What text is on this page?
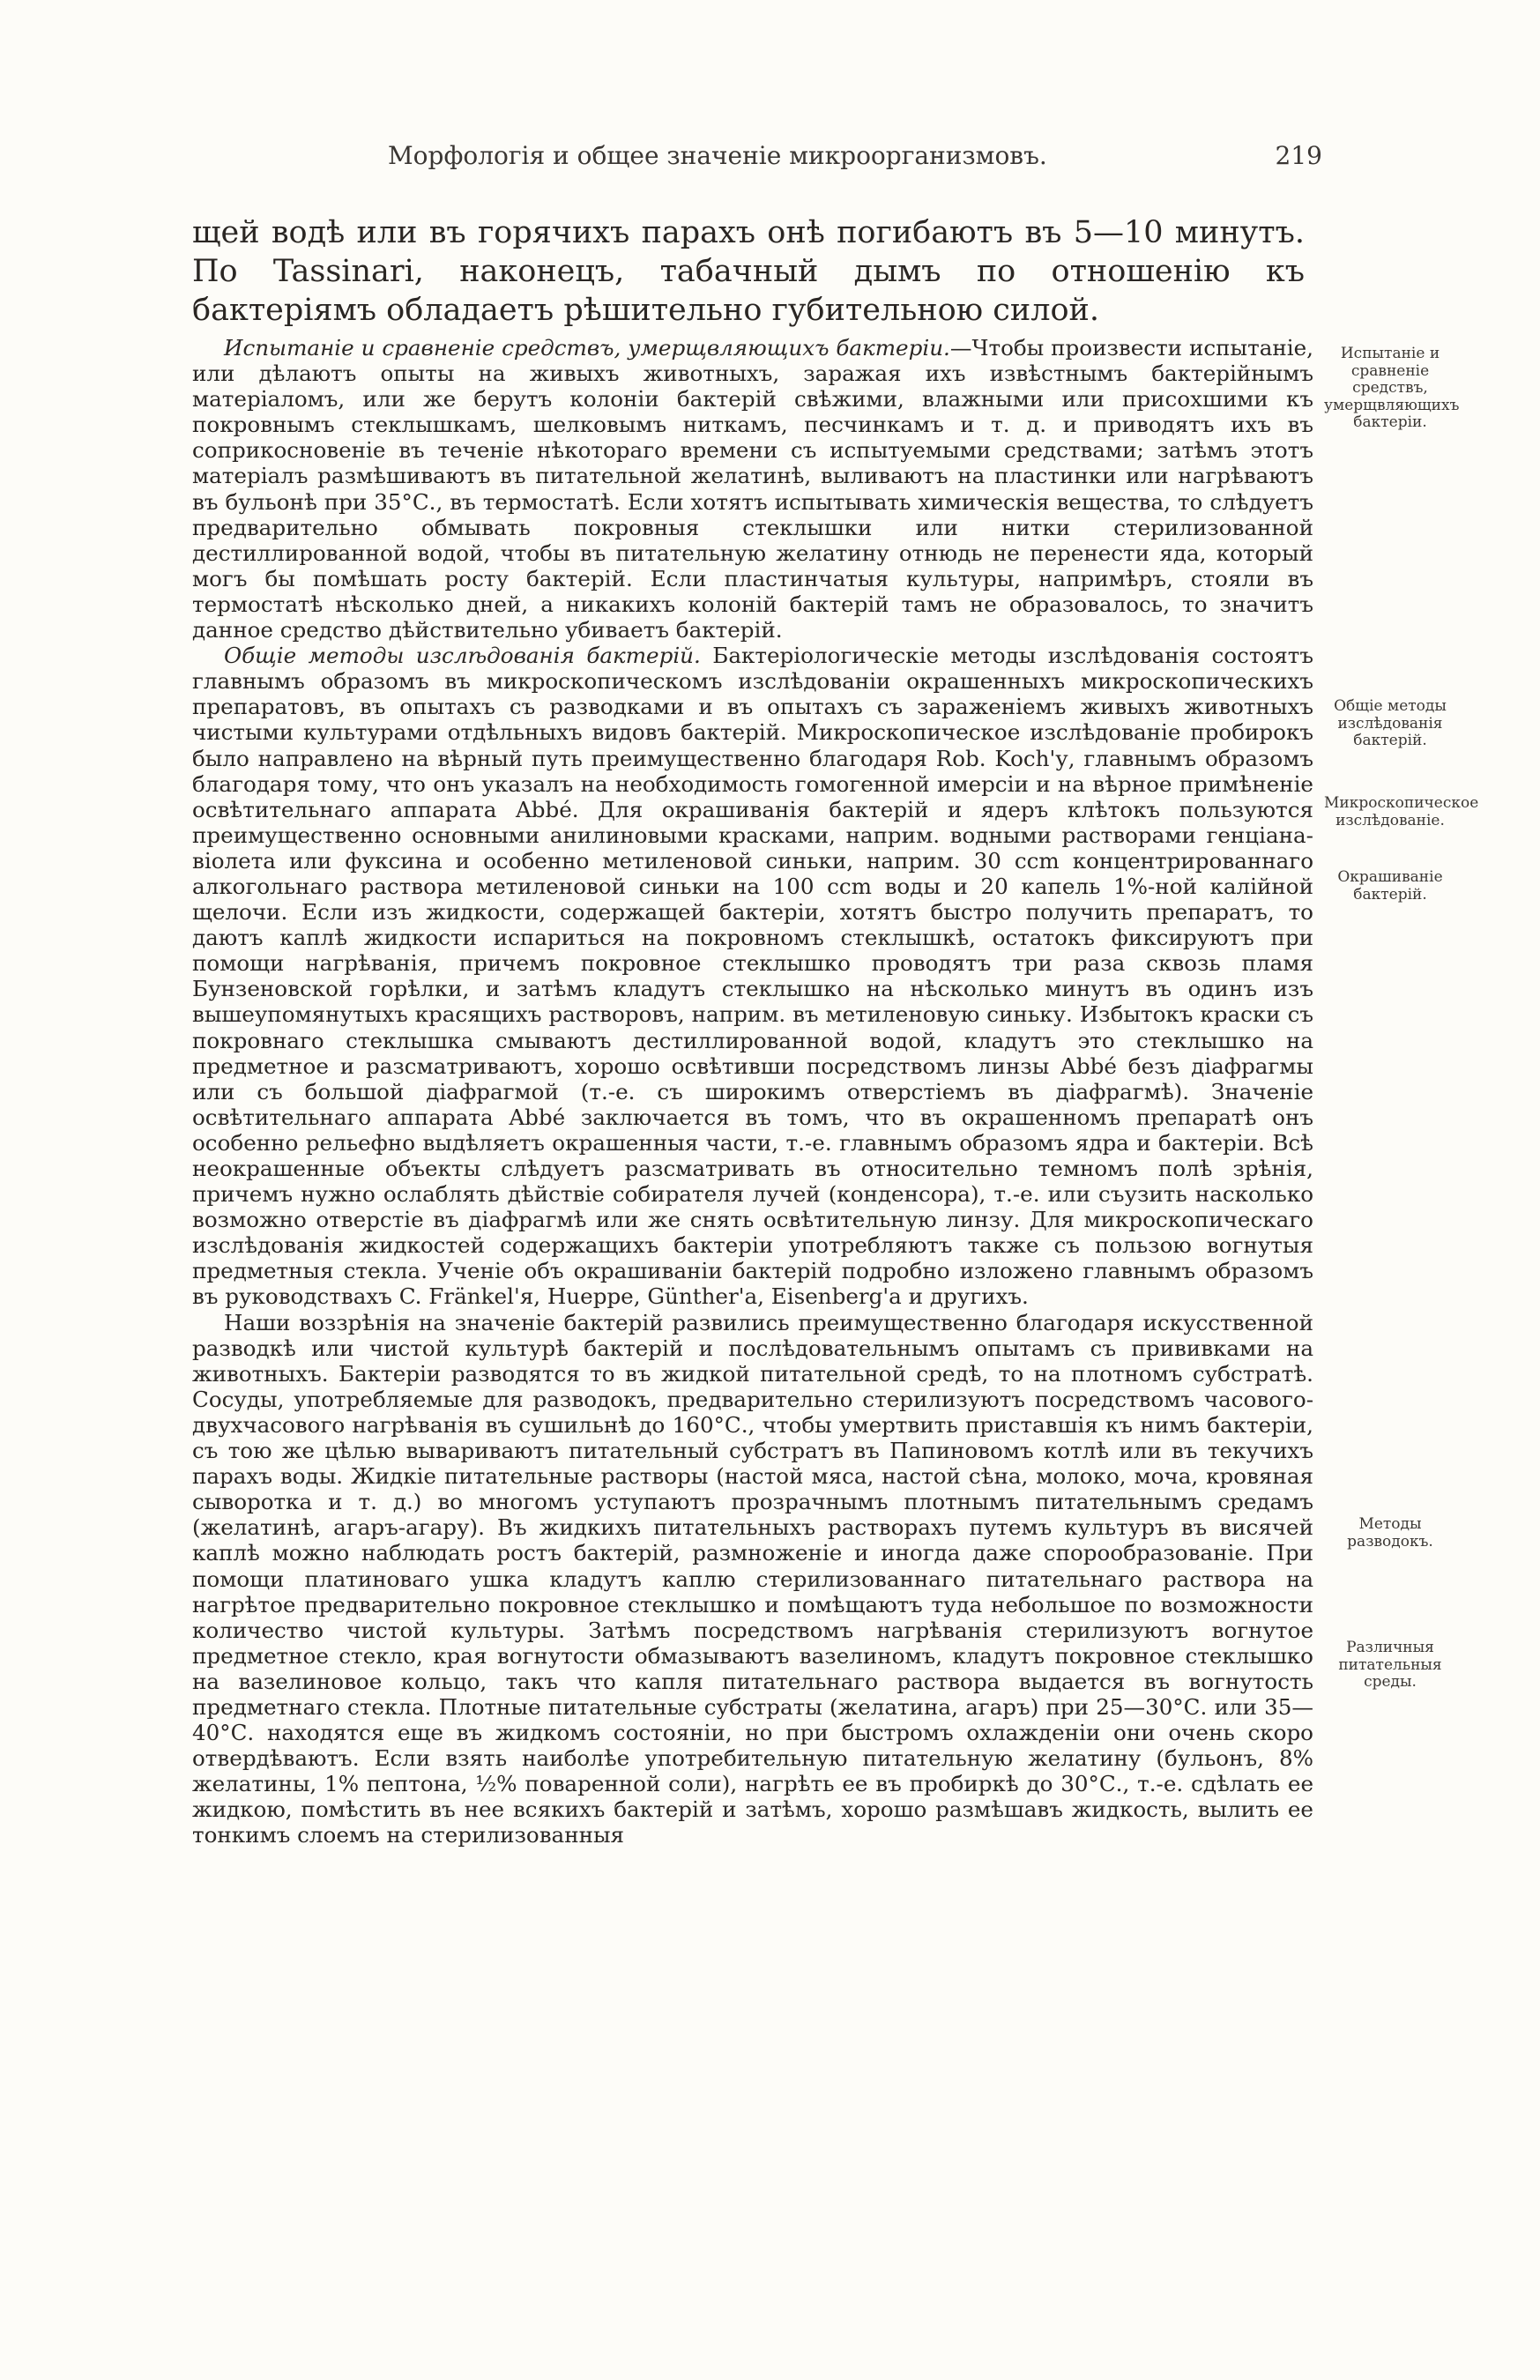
Морфологія и общее значеніе микроорганизмовъ.	219
щей водѣ или въ горячихъ парахъ онѣ погибаютъ въ 5—10 минутъ. По Tassinari, наконецъ, табачный дымъ по отношенію къ бактеріямъ обладаетъ рѣшительно губительною силой.

Испытаніе и сравненіе средствъ, умерщвляющихъ бактеріи.—Чтобы произвести испытаніе, или дѣлаютъ опыты на живыхъ животныхъ, заражая ихъ извѣстнымъ бактерійнымъ матеріаломъ, или же берутъ колоніи бактерій свѣжими, влажными или присохшими къ покровнымъ стеклышкамъ, шелковымъ ниткамъ, песчинкамъ и т. д. и приводятъ ихъ въ соприкосновеніе въ теченіе нѣкотораго времени съ испытуемыми средствами; затѣмъ этотъ матеріалъ размѣшиваютъ въ питательной желатинѣ, выливаютъ на пластинки или нагрѣваютъ въ бульонѣ при 35°С., въ термостатѣ. Если хотятъ испытывать химическія вещества, то слѣдуетъ предварительно обмывать покровныя стеклышки или нитки стерилизованной дестиллированной водой, чтобы въ питательную желатину отнюдь не перенести яда, который могъ бы помѣшать росту бактерій. Если пластинчатыя культуры, напримѣръ, стояли въ термостатѣ нѣсколько дней, а никакихъ колоній бактерій тамъ не образовалось, то значитъ данное средство дѣйствительно убиваетъ бактерій.

Общіе методы изслѣдованія бактерій. Бактеріологическіе методы изслѣдованія состоятъ главнымъ образомъ въ микроскопическомъ изслѣдованіи окрашенныхъ микроскопическихъ препаратовъ, въ опытахъ съ разводками и въ опытахъ съ зараженіемъ живыхъ животныхъ чистыми культурами отдѣльныхъ видовъ бактерій. Микроскопическое изслѣдованіе пробирокъ было направлено на вѣрный путь преимущественно благодаря Rob. Koch'у, главнымъ образомъ благодаря тому, что онъ указалъ на необходимость гомогенной имерсіи и на вѣрное примѣненіе освѣтительнаго аппарата Abbé. Для окрашиванія бактерій и ядеръ клѣтокъ пользуются преимущественно основными анилиновыми красками, наприм. водными растворами генціана-віолета или фуксина и особенно метиленовой синьки, наприм. 30 ccm концентрированнаго алкогольнаго раствора метиленовой синьки на 100 ccm воды и 20 капель 1%-ной калійной щелочи. Если изъ жидкости, содержащей бактеріи, хотятъ быстро получить препаратъ, то даютъ каплѣ жидкости испариться на покровномъ стеклышкѣ, остатокъ фиксируютъ при помощи нагрѣванія, причемъ покровное стеклышко проводятъ три раза сквозь пламя Бунзеновской горѣлки, и затѣмъ кладутъ стеклышко на нѣсколько минутъ въ одинъ изъ вышеупомянутыхъ красящихъ растворовъ, наприм. въ метиленовую синьку. Избытокъ краски съ покровнаго стеклышка смываютъ дестиллированной водой, кладутъ это стеклышко на предметное и разсматриваютъ, хорошо освѣтивши посредствомъ линзы Abbé безъ діафрагмы или съ большой діафрагмой (т.-е. съ широкимъ отверстіемъ въ діафрагмѣ). Значеніе освѣтительнаго аппарата Abbé заключается въ томъ, что въ окрашенномъ препаратѣ онъ особенно рельефно выдѣляетъ окрашенныя части, т.-е. главнымъ образомъ ядра и бактеріи. Всѣ неокрашенные объекты слѣдуетъ разсматривать въ относительно темномъ полѣ зрѣнія, причемъ нужно ослаблять дѣйствіе собирателя лучей (конденсора), т.-е. или съузить насколько возможно отверстіе въ діафрагмѣ или же снять освѣтительную линзу. Для микроскопическаго изслѣдованія жидкостей содержащихъ бактеріи употребляютъ также съ пользою вогнутыя предметныя стекла. Ученіе объ окрашиваніи бактерій подробно изложено главнымъ образомъ въ руководствахъ C. Fränkel'я, Hueppe, Günther'а, Eisenberg'а и другихъ.

Наши воззрѣнія на значеніе бактерій развились преимущественно благодаря искусственной разводкѣ или чистой культурѣ бактерій и послѣдовательнымъ опытамъ съ прививками на животныхъ. Бактеріи разводятся то въ жидкой питательной средѣ, то на плотномъ субстратѣ. Сосуды, употребляемые для разводокъ, предварительно стерилизуютъ посредствомъ часового-двухчасового нагрѣванія въ сушильнѣ до 160°С., чтобы умертвить приставшія къ нимъ бактеріи, съ тою же цѣлью вывариваютъ питательный субстратъ въ Папиновомъ котлѣ или въ текучихъ парахъ воды. Жидкіе питательные растворы (настой мяса, настой сѣна, молоко, моча, кровяная сыворотка и т. д.) во многомъ уступаютъ прозрачнымъ плотнымъ питательнымъ средамъ (желатинѣ, агаръ-агару). Въ жидкихъ питательныхъ растворахъ путемъ культуръ въ висячей каплѣ можно наблюдать ростъ бактерій, размноженіе и иногда даже спорообразованіе. При помощи платиноваго ушка кладутъ каплю стерилизованнаго питательнаго раствора на нагрѣтое предварительно покровное стеклышко и помѣщаютъ туда небольшое по возможности количество чистой культуры. Затѣмъ посредствомъ нагрѣванія стерилизуютъ вогнутое предметное стекло, края вогнутости обмазываютъ вазелиномъ, кладутъ покровное стеклышко на вазелиновое кольцо, такъ что капля питательнаго раствора выдается въ вогнутость предметнаго стекла. Плотные питательные субстраты (желатина, агаръ) при 25—30°С. или 35—40°С. находятся еще въ жидкомъ состояніи, но при быстромъ охлажденіи они очень скоро отвердѣваютъ. Если взять наиболѣе употребительную питательную желатину (бульонъ, 8% желатины, 1% пептона, ½% поваренной соли), нагрѣть ее въ пробиркѣ до 30°С., т.-е. сдѣлать ее жидкою, помѣстить въ нее всякихъ бактерій и затѣмъ, хорошо размѣшавъ жидкость, вылить ее тонкимъ слоемъ на стерилизованныя

Испытаніе и сравненіе средствъ, умерщвляющихъ бактеріи.
Общіе методы изслѣдованія бактерій.
Микроскопическое изслѣдованіе.
Окрашиваніе бактерій.
Методы разводокъ.
Различныя питательныя среды.
